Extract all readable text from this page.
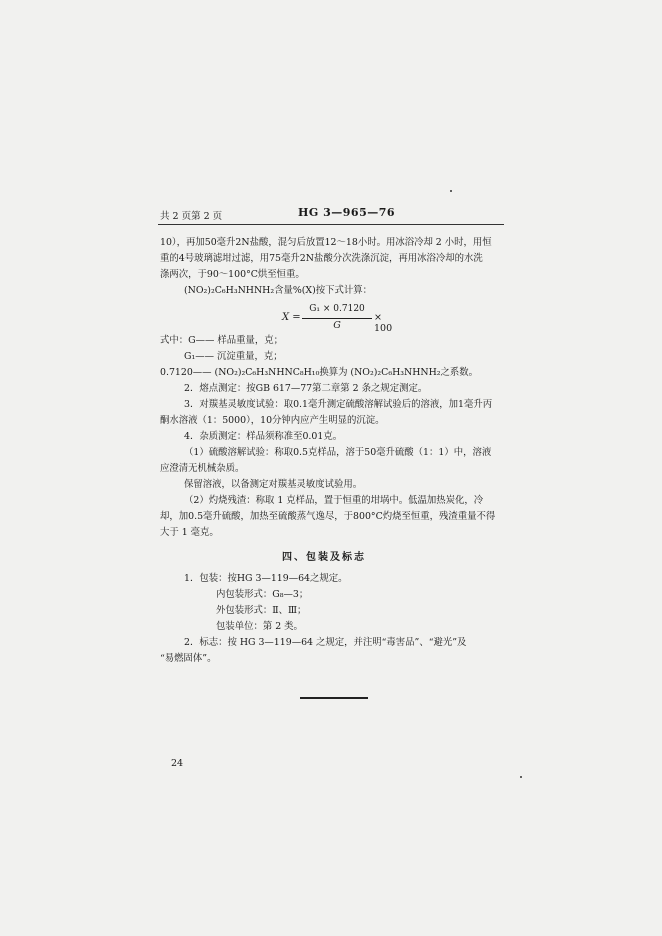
共 2 页第 2 页	HG 3—965—76
10），再加50毫升2N盐酸，混匀后放置12～18小时。用冰浴冷却 2 小时，用恒
重的4号玻璃滤坩过滤，用75毫升2N盐酸分次洗涤沉淀，再用冰浴冷却的水洗
涤两次，于90～100°C烘至恒重。
(NO₂)₂C₆H₃NHNH₂含量%(X)按下式计算：
X =
G₁ × 0.7120
G
× 100
式中：G—— 样品重量，克；
G₁—— 沉淀重量，克；
0.7120—— (NO₂)₂C₆H₃NHNC₈H₁₀换算为 (NO₂)₂C₆H₃NHNH₂之系数。
2．熔点测定：按GB 617—77第二章第 2 条之规定测定。
3．对羰基灵敏度试验：取0.1毫升测定硫酸溶解试验后的溶液，加1毫升丙
酮水溶液（1：5000），10分钟内应产生明显的沉淀。
4．杂质测定：样品须称准至0.01克。
（1）硫酸溶解试验：称取0.5克样品，溶于50毫升硫酸（1：1）中，溶液
应澄清无机械杂质。
保留溶液，以备测定对羰基灵敏度试验用。
（2）灼烧残渣：称取 1 克样品，置于恒重的坩埚中。低温加热炭化，冷
却，加0.5毫升硫酸，加热至硫酸蒸气逸尽，于800°C灼烧至恒重，残渣重量不得
大于 1 毫克。
四、包装及标志
1．包装：按HG 3—119—64之规定。
内包装形式：G₈—3；
外包装形式：Ⅱ、Ⅲ；
包装单位：第 2 类。
2．标志：按 HG 3—119—64 之规定，并注明“毒害品”、“避光”及
“易燃固体”。
24
